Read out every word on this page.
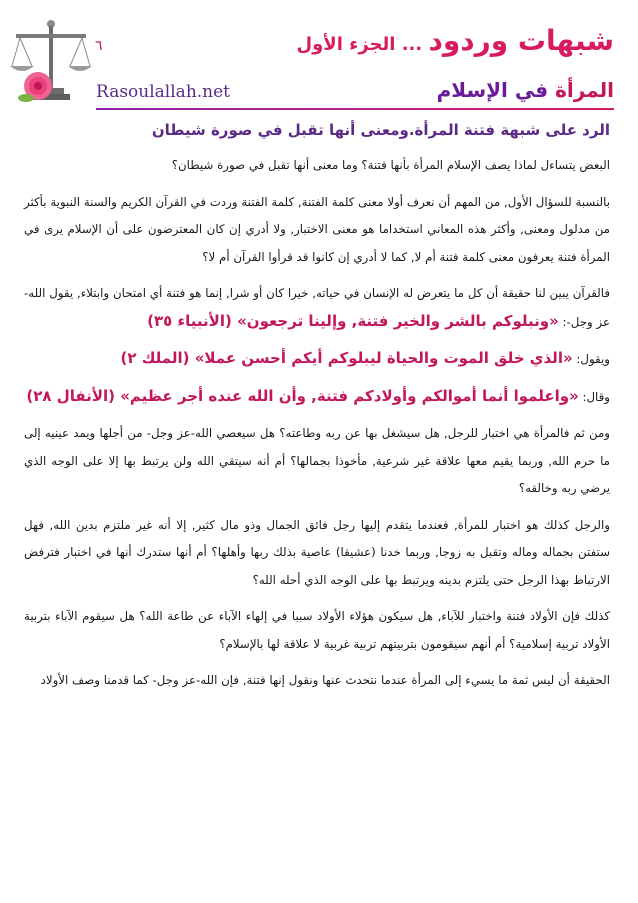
٦
Rasoulallah.net
شبهات وردود ... الجزء الأول
المرأة في الإسلام
الرد على شبهة فتنة المرأة.ومعنى أنها تقبل في صورة شيطان

البعض يتساءل لماذا يصف الإسلام المرأة بأنها فتنة؟ وما معنى أنها تقبل في صورة شيطان؟

بالنسبة للسؤال الأول, من المهم أن نعرف أولا معنى كلمة الفتنة, كلمة الفتنة وردت في القرآن الكريم والسنة النبوية بأكثر من مدلول ومعنى, وأكثر هذه المعاني استخداما هو معنى الاختبار, ولا أدري إن كان المعترضون على أن الإسلام يرى في المرأة فتنة يعرفون معنى كلمة فتنة أم لا, كما لا أدري إن كانوا قد قرأوا القرآن أم لا؟

فالقرآن يبين لنا حقيقة أن كل ما يتعرض له الإنسان في حياته, خيرا كان أو شرا, إنما هو فتنة أي امتحان وابتلاء, يقول الله-عز وجل-: «ونبلوكم بالشر والخير فتنة, وإلينا ترجعون» (الأنبياء ٣٥)

ويقول: «الذي خلق الموت والحياة ليبلوكم أيكم أحسن عملا» (الملك ٢)

وقال: «واعلموا أنما أموالكم وأولادكم فتنة, وأن الله عنده أجر عظيم» (الأنفال ٢٨)

ومن ثم فالمرأة هي اختبار للرجل, هل سيشغل بها عن ربه وطاعته؟ هل سيعصي الله-عز وجل- من أجلها ويمد عينيه إلى ما حرم الله, وربما يقيم معها علاقة غير شرعية, مأخوذا بجمالها؟ أم أنه سيتقي الله ولن يرتبط بها إلا على الوجه الذي يرضي ربه وخالقه؟

والرجل كذلك هو اختبار للمرأة, فعندما يتقدم إليها رجل فائق الجمال وذو مال كثير, إلا أنه غير ملتزم بدين الله, فهل ستفتن بجماله وماله وتقبل به زوجا, وربما خدنا (عشيقا) عاصية بذلك ربها وأهلها؟ أم أنها ستدرك أنها في اختبار فترفض الارتباط بهذا الرجل حتى يلتزم بدينه ويرتبط بها على الوجه الذي أحله الله؟

كذلك فإن الأولاد فتنة واختبار للآباء, هل سيكون هؤلاء الأولاد سببا في إلهاء الآباء عن طاعة الله؟ هل سيقوم الآباء بتربية الأولاد تربية إسلامية؟ أم أنهم سيقومون بتربيتهم تربية غربية لا علاقة لها بالإسلام؟

الحقيقة أن ليس ثمة ما يسيء إلى المرأة عندما نتحدث عنها ونقول إنها فتنة, فإن الله-عز وجل- كما قدمنا وصف الأولاد
